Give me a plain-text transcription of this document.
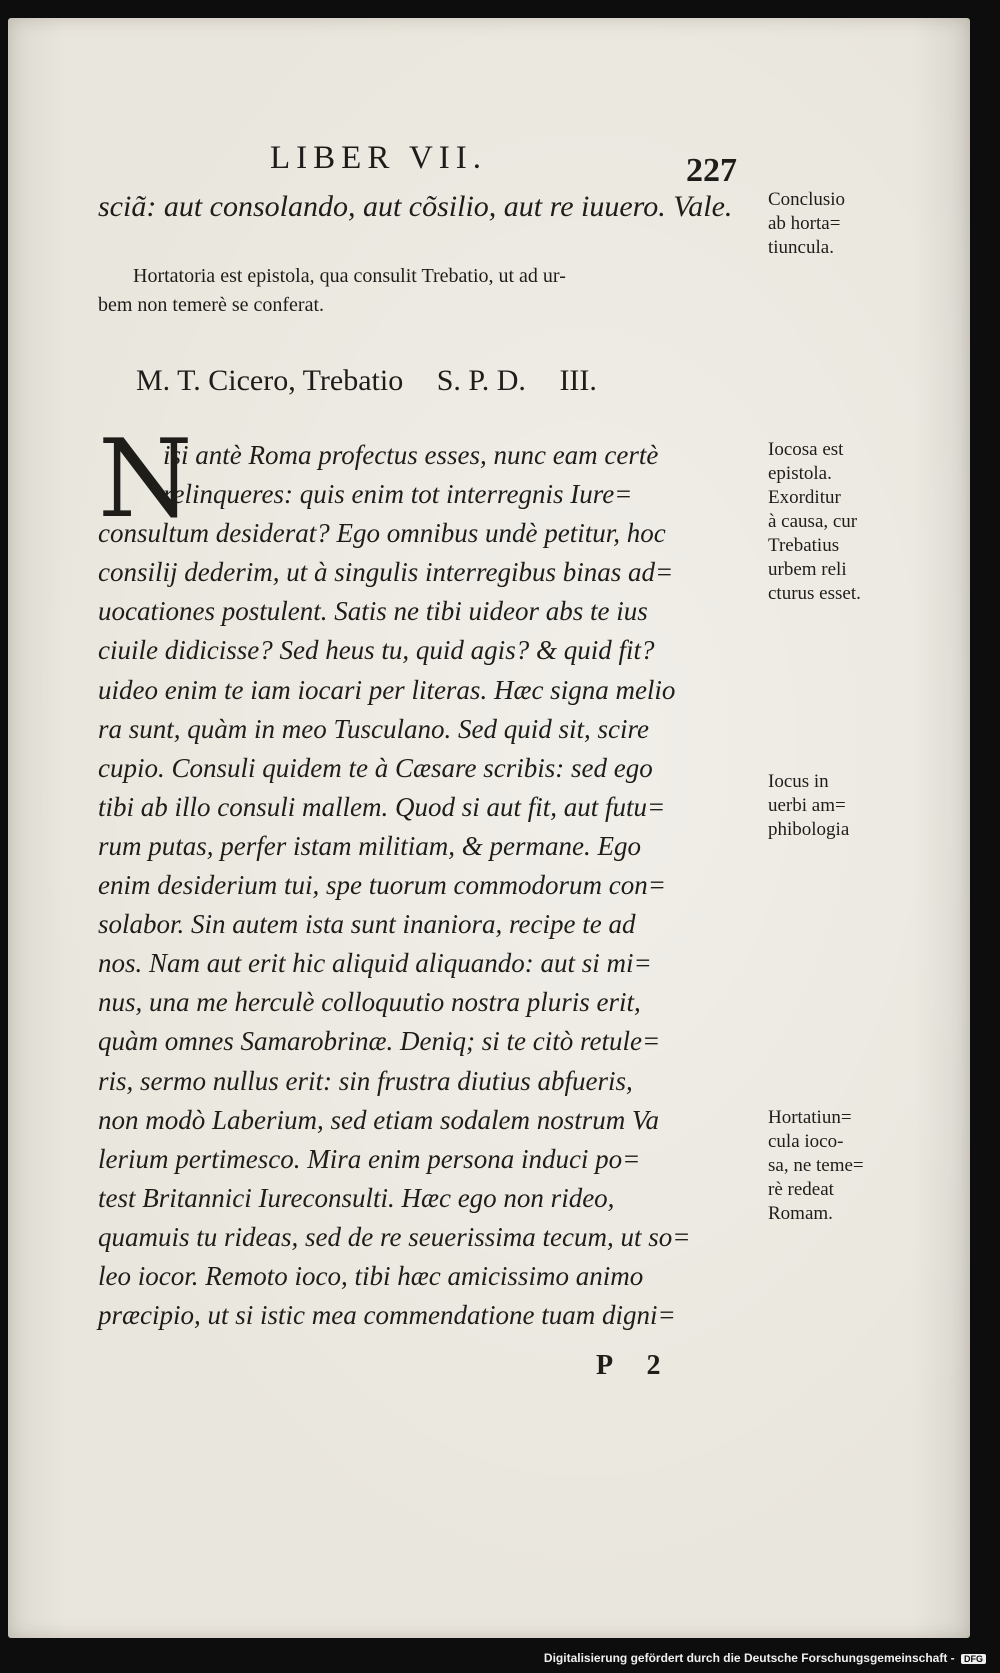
LIBER VII.	227
sciã: aut consolando, aut cõsilio, aut re iuuero. Vale.
Hortatoria est epistola, qua consulit Trebatio, ut ad ur-
bem non temerè se conferat.
M. T. Cicero, Trebatio S. P. D. III.
N
isi antè Roma profectus esses, nunc eam certè
relinqueres: quis enim tot interregnis Iure=
consultum desiderat? Ego omnibus undè petitur, hoc
consilij dederim, ut à singulis interregibus binas ad=
uocationes postulent. Satis ne tibi uideor abs te ius
ciuile didicisse? Sed heus tu, quid agis? & quid fit?
uideo enim te iam iocari per literas. Hæc signa melio
ra sunt, quàm in meo Tusculano. Sed quid sit, scire
cupio. Consuli quidem te à Cæsare scribis: sed ego
tibi ab illo consuli mallem. Quod si aut fit, aut futu=
rum putas, perfer istam militiam, & permane. Ego
enim desiderium tui, spe tuorum commodorum con=
solabor. Sin autem ista sunt inaniora, recipe te ad
nos. Nam aut erit hic aliquid aliquando: aut si mi=
nus, una me herculè colloquutio nostra pluris erit,
quàm omnes Samarobrinæ. Deniq; si te citò retule=
ris, sermo nullus erit: sin frustra diutius abfueris,
non modò Laberium, sed etiam sodalem nostrum Va
lerium pertimesco. Mira enim persona induci po=
test Britannici Iureconsulti. Hæc ego non rideo,
quamuis tu rideas, sed de re seuerissima tecum, ut so=
leo iocor. Remoto ioco, tibi hæc amicissimo animo
præcipio, ut si istic mea commendatione tuam digni=
Conclusio
ab horta=
tiuncula.
Iocosa est
epistola.
Exorditur
à causa, cur
Trebatius
urbem reli
cturus esset.
Iocus in
uerbi am=
phibologia
Hortatiun=
cula ioco-
sa, ne teme=
rè redeat
Romam.
P 2
Digitalisierung gefördert durch die Deutsche Forschungsgemeinschaft - DFG
